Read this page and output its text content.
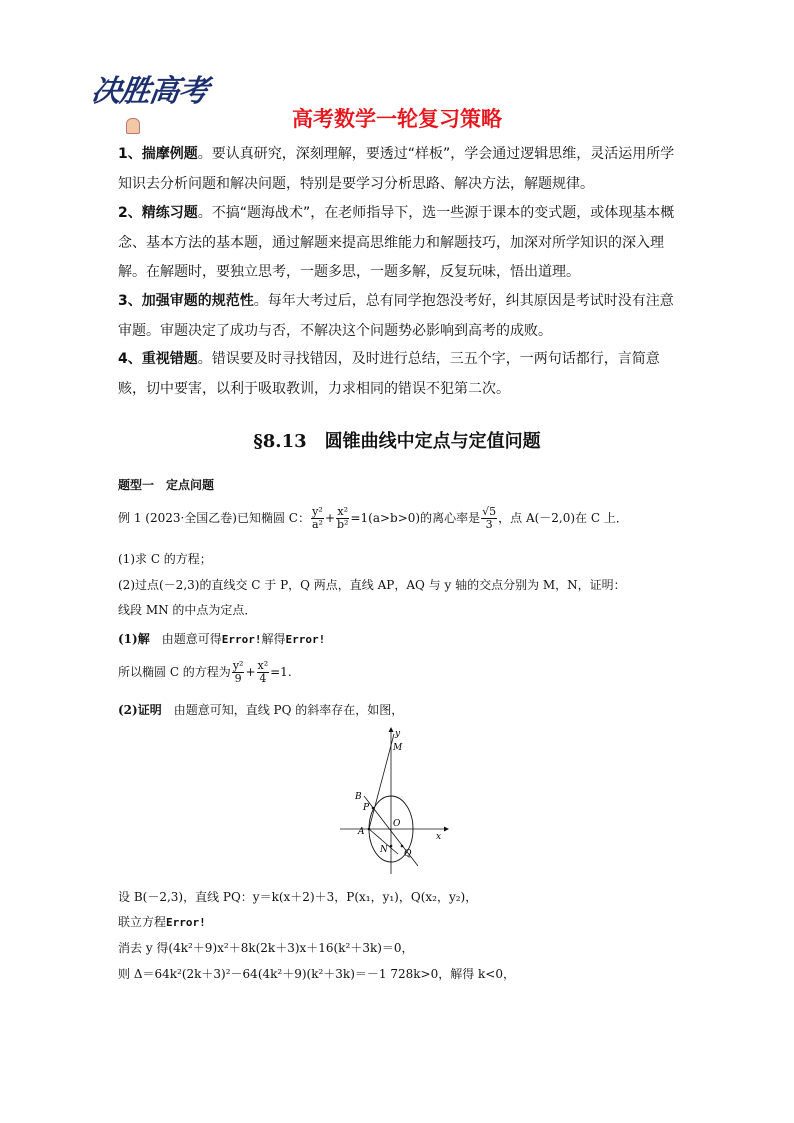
决胜高考
高考数学一轮复习策略
1、揣摩例题。要认真研究，深刻理解，要透过“样板”，学会通过逻辑思维，灵活运用所学知识去分析问题和解决问题，特别是要学习分析思路、解决方法，解题规律。
2、精练习题。不搞“题海战术”，在老师指导下，选一些源于课本的变式题，或体现基本概念、基本方法的基本题，通过解题来提高思维能力和解题技巧，加深对所学知识的深入理解。在解题时，要独立思考，一题多思，一题多解，反复玩味，悟出道理。
3、加强审题的规范性。每年大考过后，总有同学抱怨没考好，纠其原因是考试时没有注意审题。审题决定了成功与否，不解决这个问题势必影响到高考的成败。
4、重视错题。错误要及时寻找错因，及时进行总结，三五个字，一两句话都行，言简意赅，切中要害，以利于吸取教训，力求相同的错误不犯第二次。
§8.13　圆锥曲线中定点与定值问题
题型一　定点问题
例 1 (2023·全国乙卷)已知椭圆 C： $\frac{\text{y²}}{\text{a²}} + \frac{\text{x²}}{\text{b²}} =1(a>b>0)$的离心率是 $\frac{√5}{3}$ ，点 A(－2,0)在 C 上．
(1)求 C 的方程；
(2)过点(－2,3)的直线交 C 于 P，Q 两点，直线 AP，AQ 与 y 轴的交点分别为 M，N，证明：
线段 MN 的中点为定点．
(1)解　由题意可得Error!解得Error!
所以椭圆 C 的方程为 $\frac{\text{y²}}{9} + \frac{\text{x²}}{4} =1$.
(2)证明　由题意可知，直线 PQ 的斜率存在，如图，
y
x
M
B
P
A
O
N Q
设 B(－2,3)，直线 PQ：y＝k(x＋2)＋3，P(x₁，y₁)，Q(x₂，y₂)，
联立方程Error!
消去 y 得(4k²＋9)x²＋8k(2k＋3)x＋16(k²＋3k)＝0，
则 Δ＝64k²(2k＋3)²－64(4k²＋9)(k²＋3k)＝－1 728k>0，解得 k<0，
